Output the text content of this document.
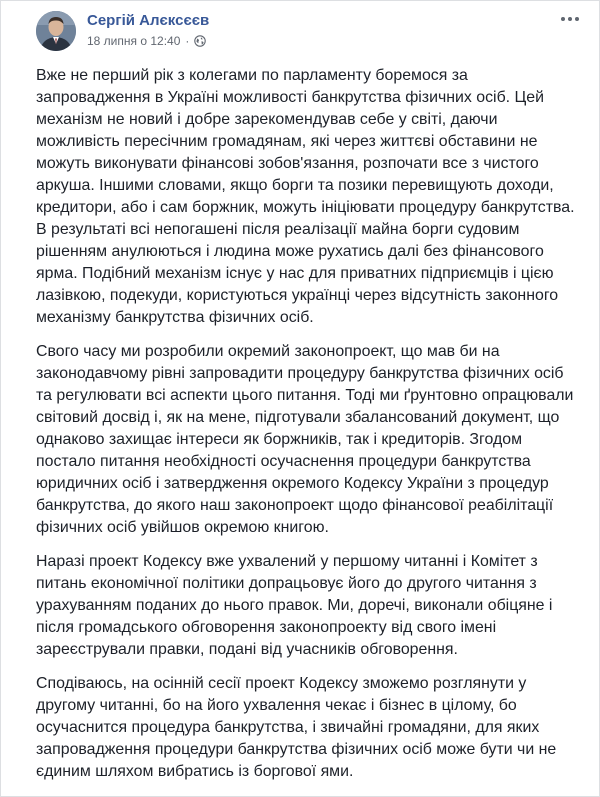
Сергій Алєксєєв
18 липня о 12:40 ·

Вже не перший рік з колегами по парламенту боремося за запровадження в Україні можливості банкрутства фізичних осіб. Цей механізм не новий і добре зарекомендував себе у світі, даючи можливість пересічним громадянам, які через життєві обставини не можуть виконувати фінансові зобов'язання, розпочати все з чистого аркуша. Іншими словами, якщо борги та позики перевищують доходи, кредитори, або і сам боржник, можуть ініціювати процедуру банкрутства. В результаті всі непогашені після реалізації майна борги судовим рішенням анулюються і людина може рухатись далі без фінансового ярма. Подібний механізм існує у нас для приватних підприємців і цією лазівкою, подекуди, користуються українці через відсутність законного механізму банкрутства фізичних осіб.

Свого часу ми розробили окремий законопроект, що мав би на законодавчому рівні запровадити процедуру банкрутства фізичних осіб та регулювати всі аспекти цього питання. Тоді ми ґрунтовно опрацювали світовий досвід і, як на мене, підготували збалансований документ, що однаково захищає інтереси як боржників, так і кредиторів. Згодом постало питання необхідності осучаснення процедури банкрутства юридичних осіб і затвердження окремого Кодексу України з процедур банкрутства, до якого наш законопроект щодо фінансової реабілітації фізичних осіб увійшов окремою книгою.

Наразі проект Кодексу вже ухвалений у першому читанні і Комітет з питань економічної політики допрацьовує його до другого читання з урахуванням поданих до нього правок. Ми, доречі, виконали обіцяне і після громадського обговорення законопроекту від свого імені зареєстрували правки, подані від учасників обговорення.

Сподіваюсь, на осінній сесії проект Кодексу зможемо розглянути у другому читанні, бо на його ухвалення чекає і бізнес в цілому, бо осучаснится процедура банкрутства, і звичайні громадяни, для яких запровадження процедури банкрутства фізичних осіб може бути чи не єдиним шляхом вибратись із боргової ями.
